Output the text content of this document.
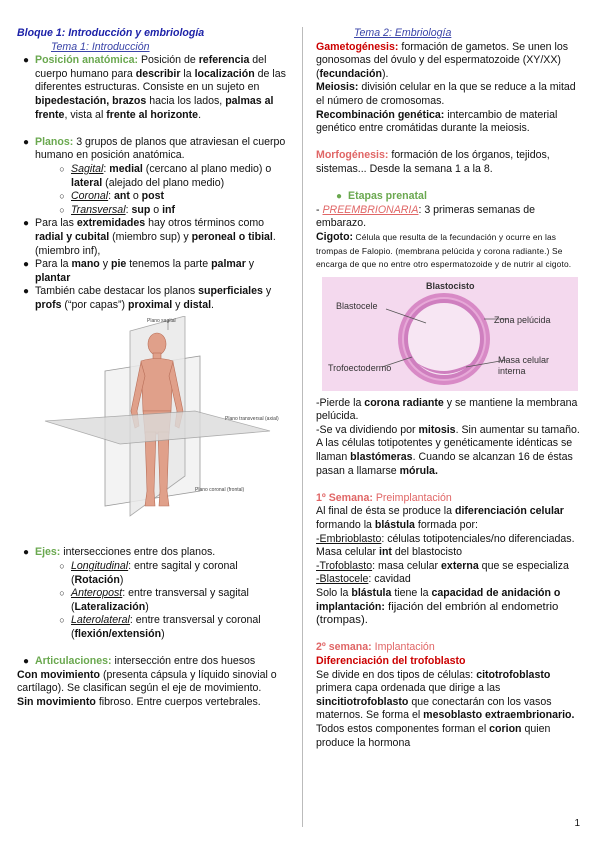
Bloque 1: Introducción y embriología

Tema 1: Introducción

● Posición anatómica: Posición de referencia del cuerpo humano para describir la localización de las diferentes estructuras. Consiste en un sujeto en bipedestación, brazos hacia los lados, palmas al frente, vista al frente al horizonte.

● Planos: 3 grupos de planos que atraviesan el cuerpo humano en posición anatómica.

○ Sagital: medial (cercano al plano medio) o lateral (alejado del plano medio)

○ Coronal: ant o post

○ Transversal: sup o inf

● Para las extremidades hay otros términos como radial y cubital (miembro sup) y peroneal o tibial. (miembro inf),

● Para la mano y pie tenemos la parte palmar y plantar

● También cabe destacar los planos superficiales y profs (“por capas”) proximal y distal.

Plano sagital
Plano transversal (axial)
Plano coronal (frontal)
● Ejes: intersecciones entre dos planos.

○ Longitudinal: entre sagital y coronal (Rotación)

○ Anteropost: entre transversal y sagital (Lateralización)

○ Laterolateral: entre transversal y coronal (flexión/extensión)

● Articulaciones: intersección entre dos huesos

Con movimiento (presenta cápsula y líquido sinovial o cartílago). Se clasifican según el eje de movimiento.

Sin movimiento fibroso. Entre cuerpos vertebrales.

Tema 2: Embriología

Gametogénesis: formación de gametos. Se unen los gonosomas del óvulo y del espermatozoide (XY/XX) (fecundación).

Meiosis: división celular en la que se reduce a la mitad el número de cromosomas.

Recombinación genética: intercambio de material genético entre cromátidas durante la meiosis.

Morfogénesis: formación de los órganos, tejidos, sistemas... Desde la semana 1 a la 8.

● Etapas prenatal

- PREEMBRIONARIA: 3 primeras semanas de embarazo.

Cigoto: Célula que resulta de la fecundación y ocurre en las trompas de Falopio. (membrana pelúcida y corona radiante.) Se encarga de que no entre otro espermatozoide y de nutrir al cigoto.

Blastocisto
Blastocele
Zona pelúcida
Trofoectodermo
Masa celular
interna

-Pierde la corona radiante y se mantiene la membrana pelúcida.

-Se va dividiendo por mitosis. Sin aumentar su tamaño. A las células totipotentes y genéticamente idénticas se llaman blastómeras. Cuando se alcanzan 16 de éstas pasan a llamarse mórula.

1º Semana: Preimplantación

Al final de ésta se produce la diferenciación celular formando la blástula formada por:

-Embrioblasto: células totipotenciales/no diferenciadas. Masa celular int del blastocisto

-Trofoblasto: masa celular externa que se especializa

-Blastocele: cavidad

Solo la blástula tiene la capacidad de anidación o implantación: fijación del embrión al endometrio (trompas).

2º semana: Implantación

Diferenciación del trofoblasto

Se divide en dos tipos de células: citotrofoblasto primera capa ordenada que dirige a las sincitiotrofoblasto que conectarán con los vasos maternos. Se forma el mesoblasto extraembrionario. Todos estos componentes forman el corion quien produce la hormona

1
